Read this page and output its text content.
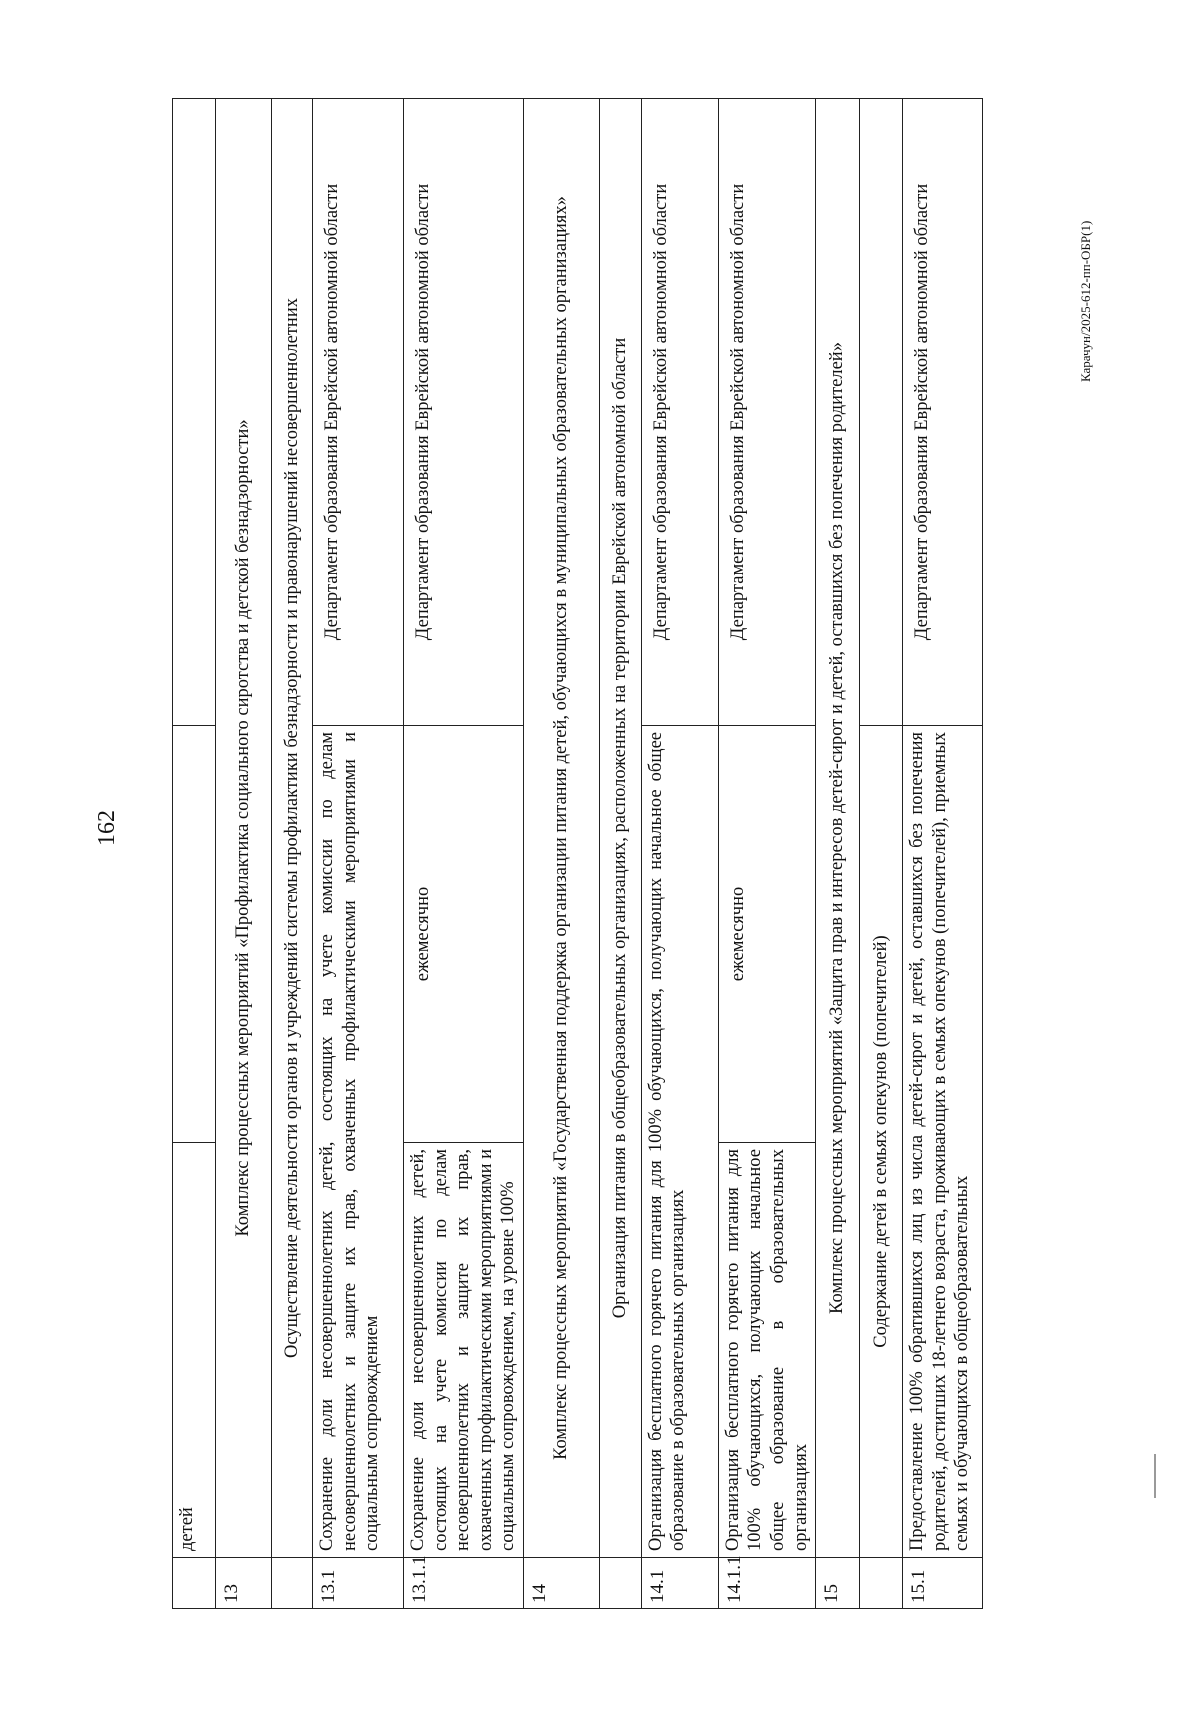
162
Карачун/2025-612-пп-ОБР(1)
	детей		
13	Комплекс процессных мероприятий «Профилактика социального сиротства и детской безнадзорности»		
	Осуществление деятельности органов и учреждений системы профилактики безнадзорности и правонарушений несовершеннолетних		
13.1	Сохранение доли несовершеннолетних детей, состоящих на учете комиссии по делам несовершеннолетних и защите их прав, охваченных профилактическими мероприятиями и социальным сопровождением		Департамент образования Еврейской автономной области
13.1.1	Сохранение доли несовершеннолетних детей, состоящих на учете комиссии по делам несовершеннолетних и защите их прав, охваченных профилактическими мероприятиями и социальным сопровождением, на уровне 100%	ежемесячно	Департамент образования Еврейской автономной области
14	Комплекс процессных мероприятий «Государственная поддержка организации питания детей, обучающихся в муниципальных образовательных организациях»		
	Организация питания в общеобразовательных организациях, расположенных на территории Еврейской автономной области		
14.1	Организация бесплатного горячего питания для 100% обучающихся, получающих начальное общее образование в образовательных организациях		Департамент образования Еврейской автономной области
14.1.1	Организация бесплатного горячего питания для 100% обучающихся, получающих начальное общее образование в образовательных организациях	ежемесячно	Департамент образования Еврейской автономной области
15	Комплекс процессных мероприятий «Защита прав и интересов детей-сирот и детей, оставшихся без попечения родителей»		
	Содержание детей в семьях опекунов (попечителей)		
15.1	Предоставление 100% обратившихся лиц из числа детей-сирот и детей, оставшихся без попечения родителей, достигших 18-летнего возраста, проживающих в семьях опекунов (попечителей), приемных семьях и обучающихся в общеобразовательных		Департамент образования Еврейской автономной области
